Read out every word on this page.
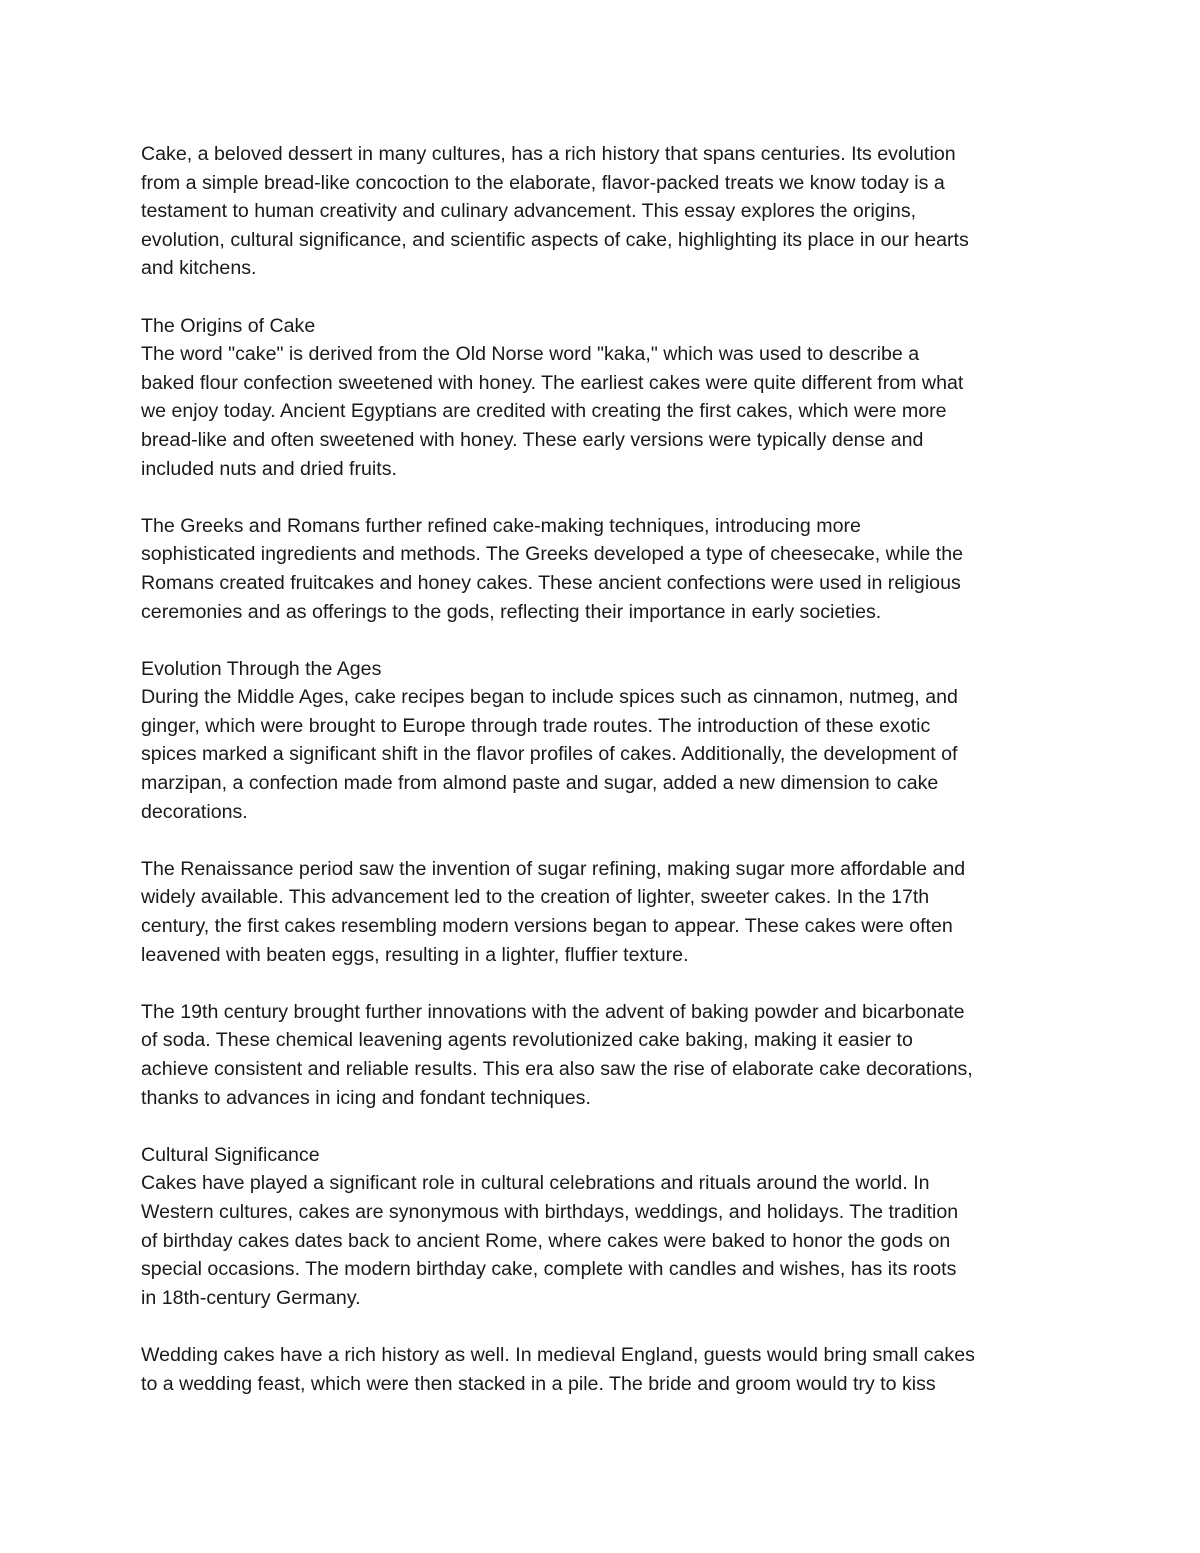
Cake, a beloved dessert in many cultures, has a rich history that spans centuries. Its evolution
from a simple bread-like concoction to the elaborate, flavor-packed treats we know today is a
testament to human creativity and culinary advancement. This essay explores the origins,
evolution, cultural significance, and scientific aspects of cake, highlighting its place in our hearts
and kitchens.
The Origins of Cake
The word "cake" is derived from the Old Norse word "kaka," which was used to describe a
baked flour confection sweetened with honey. The earliest cakes were quite different from what
we enjoy today. Ancient Egyptians are credited with creating the first cakes, which were more
bread-like and often sweetened with honey. These early versions were typically dense and
included nuts and dried fruits.
The Greeks and Romans further refined cake-making techniques, introducing more
sophisticated ingredients and methods. The Greeks developed a type of cheesecake, while the
Romans created fruitcakes and honey cakes. These ancient confections were used in religious
ceremonies and as offerings to the gods, reflecting their importance in early societies.
Evolution Through the Ages
During the Middle Ages, cake recipes began to include spices such as cinnamon, nutmeg, and
ginger, which were brought to Europe through trade routes. The introduction of these exotic
spices marked a significant shift in the flavor profiles of cakes. Additionally, the development of
marzipan, a confection made from almond paste and sugar, added a new dimension to cake
decorations.
The Renaissance period saw the invention of sugar refining, making sugar more affordable and
widely available. This advancement led to the creation of lighter, sweeter cakes. In the 17th
century, the first cakes resembling modern versions began to appear. These cakes were often
leavened with beaten eggs, resulting in a lighter, fluffier texture.
The 19th century brought further innovations with the advent of baking powder and bicarbonate
of soda. These chemical leavening agents revolutionized cake baking, making it easier to
achieve consistent and reliable results. This era also saw the rise of elaborate cake decorations,
thanks to advances in icing and fondant techniques.
Cultural Significance
Cakes have played a significant role in cultural celebrations and rituals around the world. In
Western cultures, cakes are synonymous with birthdays, weddings, and holidays. The tradition
of birthday cakes dates back to ancient Rome, where cakes were baked to honor the gods on
special occasions. The modern birthday cake, complete with candles and wishes, has its roots
in 18th-century Germany.
Wedding cakes have a rich history as well. In medieval England, guests would bring small cakes
to a wedding feast, which were then stacked in a pile. The bride and groom would try to kiss
